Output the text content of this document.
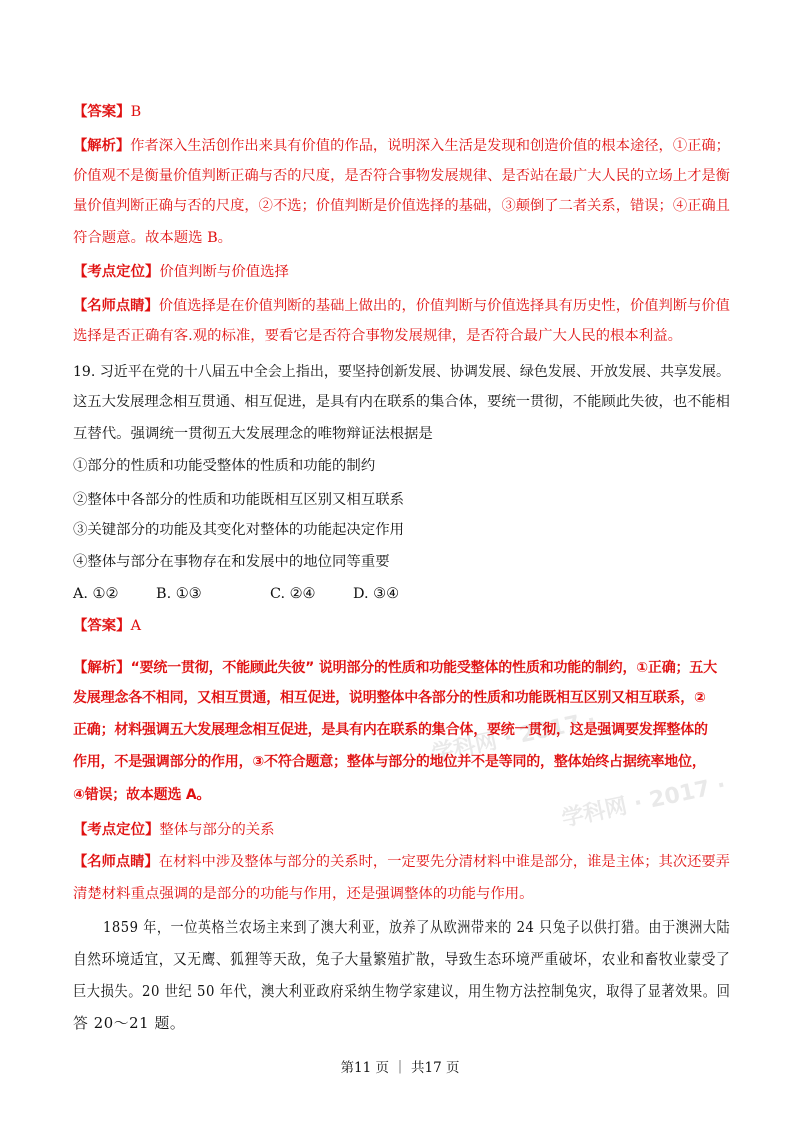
学科网 · 2017 ·
学科网 · 2017 ·
【答案】B
【解析】作者深入生活创作出来具有价值的作品，说明深入生活是发现和创造价值的根本途径，①正确；
价值观不是衡量价值判断正确与否的尺度，是否符合事物发展规律、是否站在最广大人民的立场上才是衡
量价值判断正确与否的尺度，②不选；价值判断是价值选择的基础，③颠倒了二者关系，错误；④正确且
符合题意。故本题选 B。
【考点定位】价值判断与价值选择
【名师点睛】价值选择是在价值判断的基础上做出的，价值判断与价值选择具有历史性，价值判断与价值
选择是否正确有客.观的标准，要看它是否符合事物发展规律，是否符合最广大人民的根本利益。
19. 习近平在党的十八届五中全会上指出，要坚持创新发展、协调发展、绿色发展、开放发展、共享发展。
这五大发展理念相互贯通、相互促进，是具有内在联系的集合体，要统一贯彻，不能顾此失彼，也不能相
互替代。强调统一贯彻五大发展理念的唯物辩证法根据是
①部分的性质和功能受整体的性质和功能的制约
②整体中各部分的性质和功能既相互区别又相互联系
③关键部分的功能及其变化对整体的功能起决定作用
④整体与部分在事物存在和发展中的地位同等重要
A. ①②	B. ①③	C. ②④	D. ③④
【答案】A
【解析】“要统一贯彻，不能顾此失彼” 说明部分的性质和功能受整体的性质和功能的制约，①正确；五大
发展理念各不相同，又相互贯通，相互促进，说明整体中各部分的性质和功能既相互区别又相互联系，②
正确；材料强调五大发展理念相互促进，是具有内在联系的集合体，要统一贯彻，这是强调要发挥整体的
作用，不是强调部分的作用，③不符合题意；整体与部分的地位并不是等同的，整体始终占据统率地位，
④错误；故本题选 A。
【考点定位】整体与部分的关系
【名师点睛】在材料中涉及整体与部分的关系时，一定要先分清材料中谁是部分，谁是主体；其次还要弄
清楚材料重点强调的是部分的功能与作用，还是强调整体的功能与作用。
1859 年，一位英格兰农场主来到了澳大利亚，放养了从欧洲带来的 24 只兔子以供打猎。由于澳洲大陆
自然环境适宜，又无鹰、狐狸等天敌，兔子大量繁殖扩散，导致生态环境严重破坏，农业和畜牧业蒙受了
巨大损失。20 世纪 50 年代，澳大利亚政府采纳生物学家建议，用生物方法控制兔灾，取得了显著效果。回
答 20～21 题。
第11 页 ｜ 共17 页
